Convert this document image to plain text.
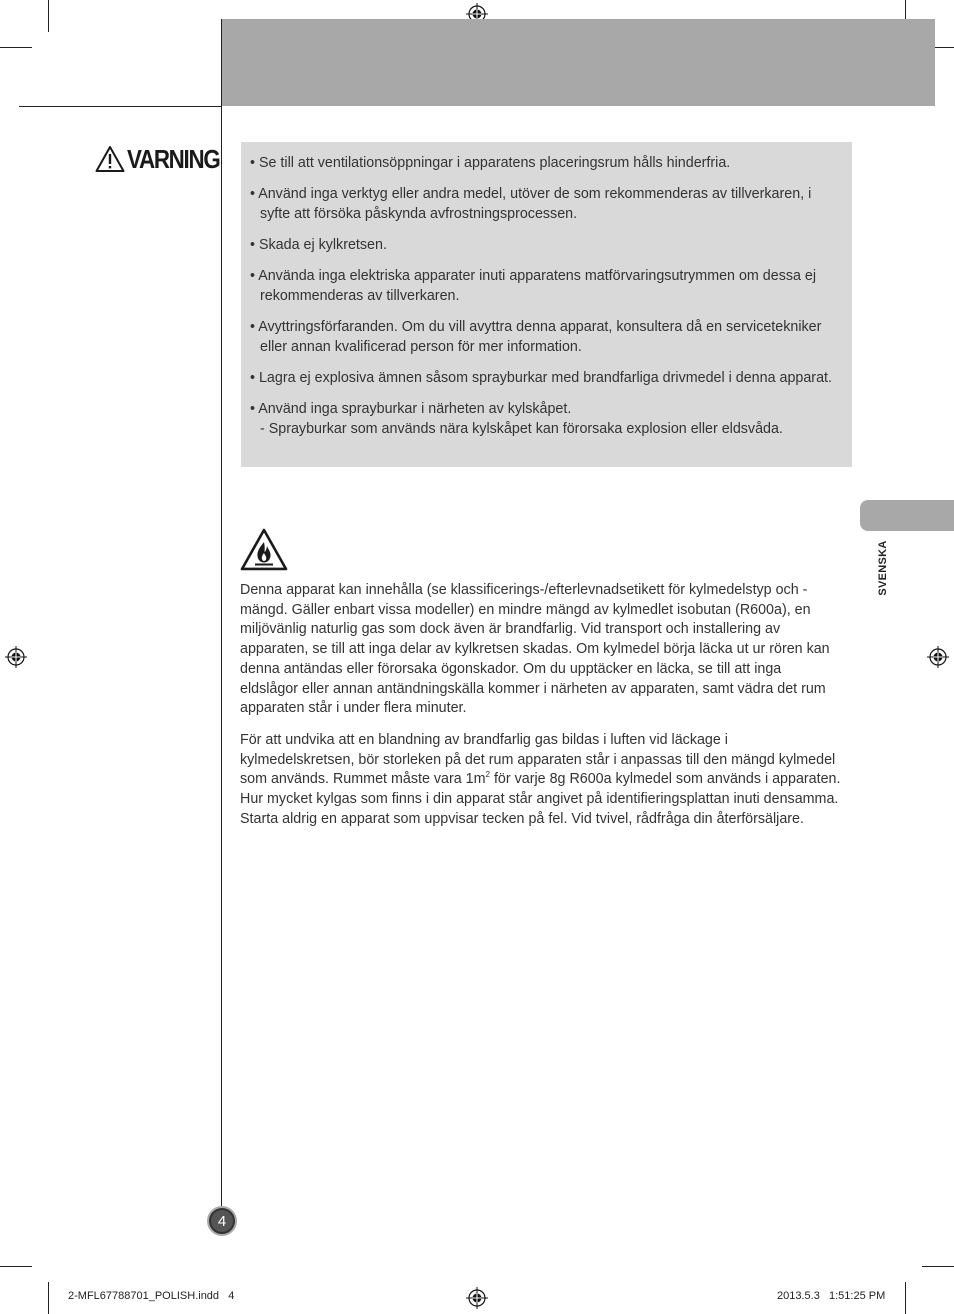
VARNING • Se till att ventilationsöppningar i apparatens placeringsrum hålls hinderfria.
• Använd inga verktyg eller andra medel, utöver de som rekommenderas av tillverkaren, i syfte att försöka påskynda avfrostningsprocessen.
• Skada ej kylkretsen.
• Använda inga elektriska apparater inuti apparatens matförvaringsutrymmen om dessa ej rekommenderas av tillverkaren.
• Avyttringsförfaranden. Om du vill avyttra denna apparat, konsultera då en servicetekniker eller annan kvalificerad person för mer information.
• Lagra ej explosiva ämnen såsom sprayburkar med brandfarliga drivmedel i denna apparat.
• Använd inga sprayburkar i närheten av kylskåpet.
- Sprayburkar som används nära kylskåpet kan förorsaka explosion eller eldsvåda.

Denna apparat kan innehålla (se klassificerings-/efterlevnadsetikett för kylmedelstyp och -mängd. Gäller enbart vissa modeller) en mindre mängd av kylmedlet isobutan (R600a), en miljövänlig naturlig gas som dock även är brandfarlig. Vid transport och installering av apparaten, se till att inga delar av kylkretsen skadas. Om kylmedel börja läcka ut ur rören kan denna antändas eller förorsaka ögonskador. Om du upptäcker en läcka, se till att inga eldslågor eller annan antändningskälla kommer i närheten av apparaten, samt vädra det rum apparaten står i under flera minuter.

För att undvika att en blandning av brandfarlig gas bildas i luften vid läckage i kylmedelskretsen, bör storleken på det rum apparaten står i anpassas till den mängd kylmedel som används. Rummet måste vara $1m^2$ för varje 8g R600a kylmedel som används i apparaten. Hur mycket kylgas som finns i din apparat står angivet på identifieringsplattan inuti densamma. Starta aldrig en apparat som uppvisar tecken på fel. Vid tvivel, rådfråga din återförsäljare.

SVENSKA
4
2-MFL67788701_POLISH.indd   4	2013.5.3   1:51:25 PM
